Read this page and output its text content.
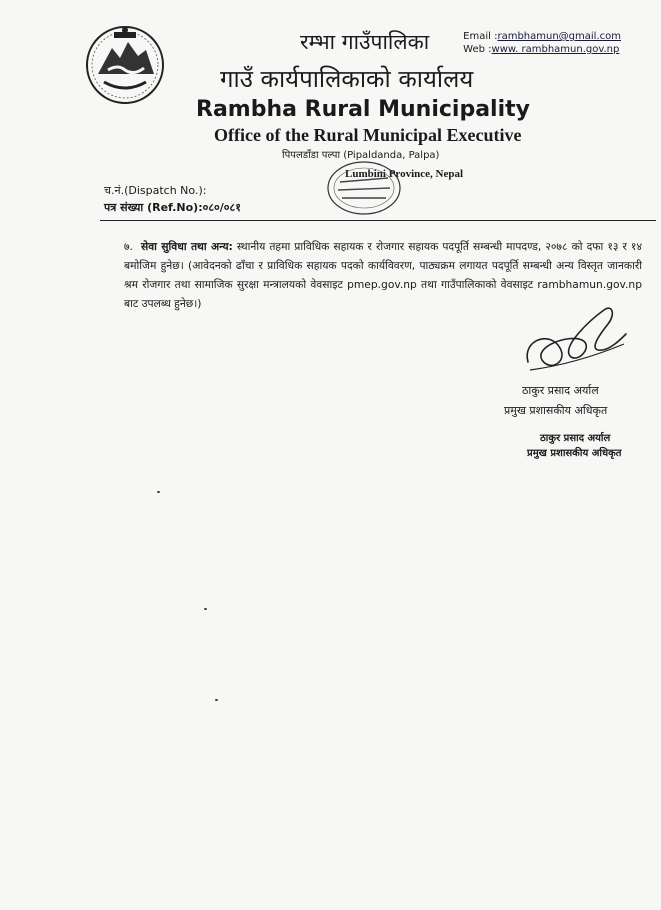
रम्भा गाउँपालिका
गाउँ कार्यपालिकाको कार्यालय
Rambha Rural Municipality
Office of the Rural Municipal Executive
पिपलडाँडा पल्पा (Pipaldanda, Palpa)
Lumbini Province, Nepal
Email :rambhamun@gmail.com
Web :www. rambhamun.gov.np
च.नं.(Dispatch No.):
पत्र संख्या (Ref.No):०८०/०८१
७. सेवा सुविधा तथा अन्य: स्थानीय तहमा प्राविधिक सहायक र रोजगार सहायक पदपूर्ति सम्बन्धी मापदण्ड, २०७८ को दफा १३ र १४ बमोजिम हुनेछ। (आवेदनको ढाँचा र प्राविधिक सहायक पदको कार्यविवरण, पाठ्यक्रम लगायत पदपूर्ति सम्बन्धी अन्य विस्तृत जानकारी श्रम रोजगार तथा सामाजिक सुरक्षा मन्त्रालयको वेवसाइट pmep.gov.np तथा गाउँपालिकाको वेवसाइट rambhamun.gov.np बाट उपलब्ध हुनेछ।)
ठाकुर प्रसाद अर्याल
प्रमुख प्रशासकीय अधिकृत
ठाकुर प्रसाद अर्याल
प्रमुख प्रशासकीय अधिकृत
